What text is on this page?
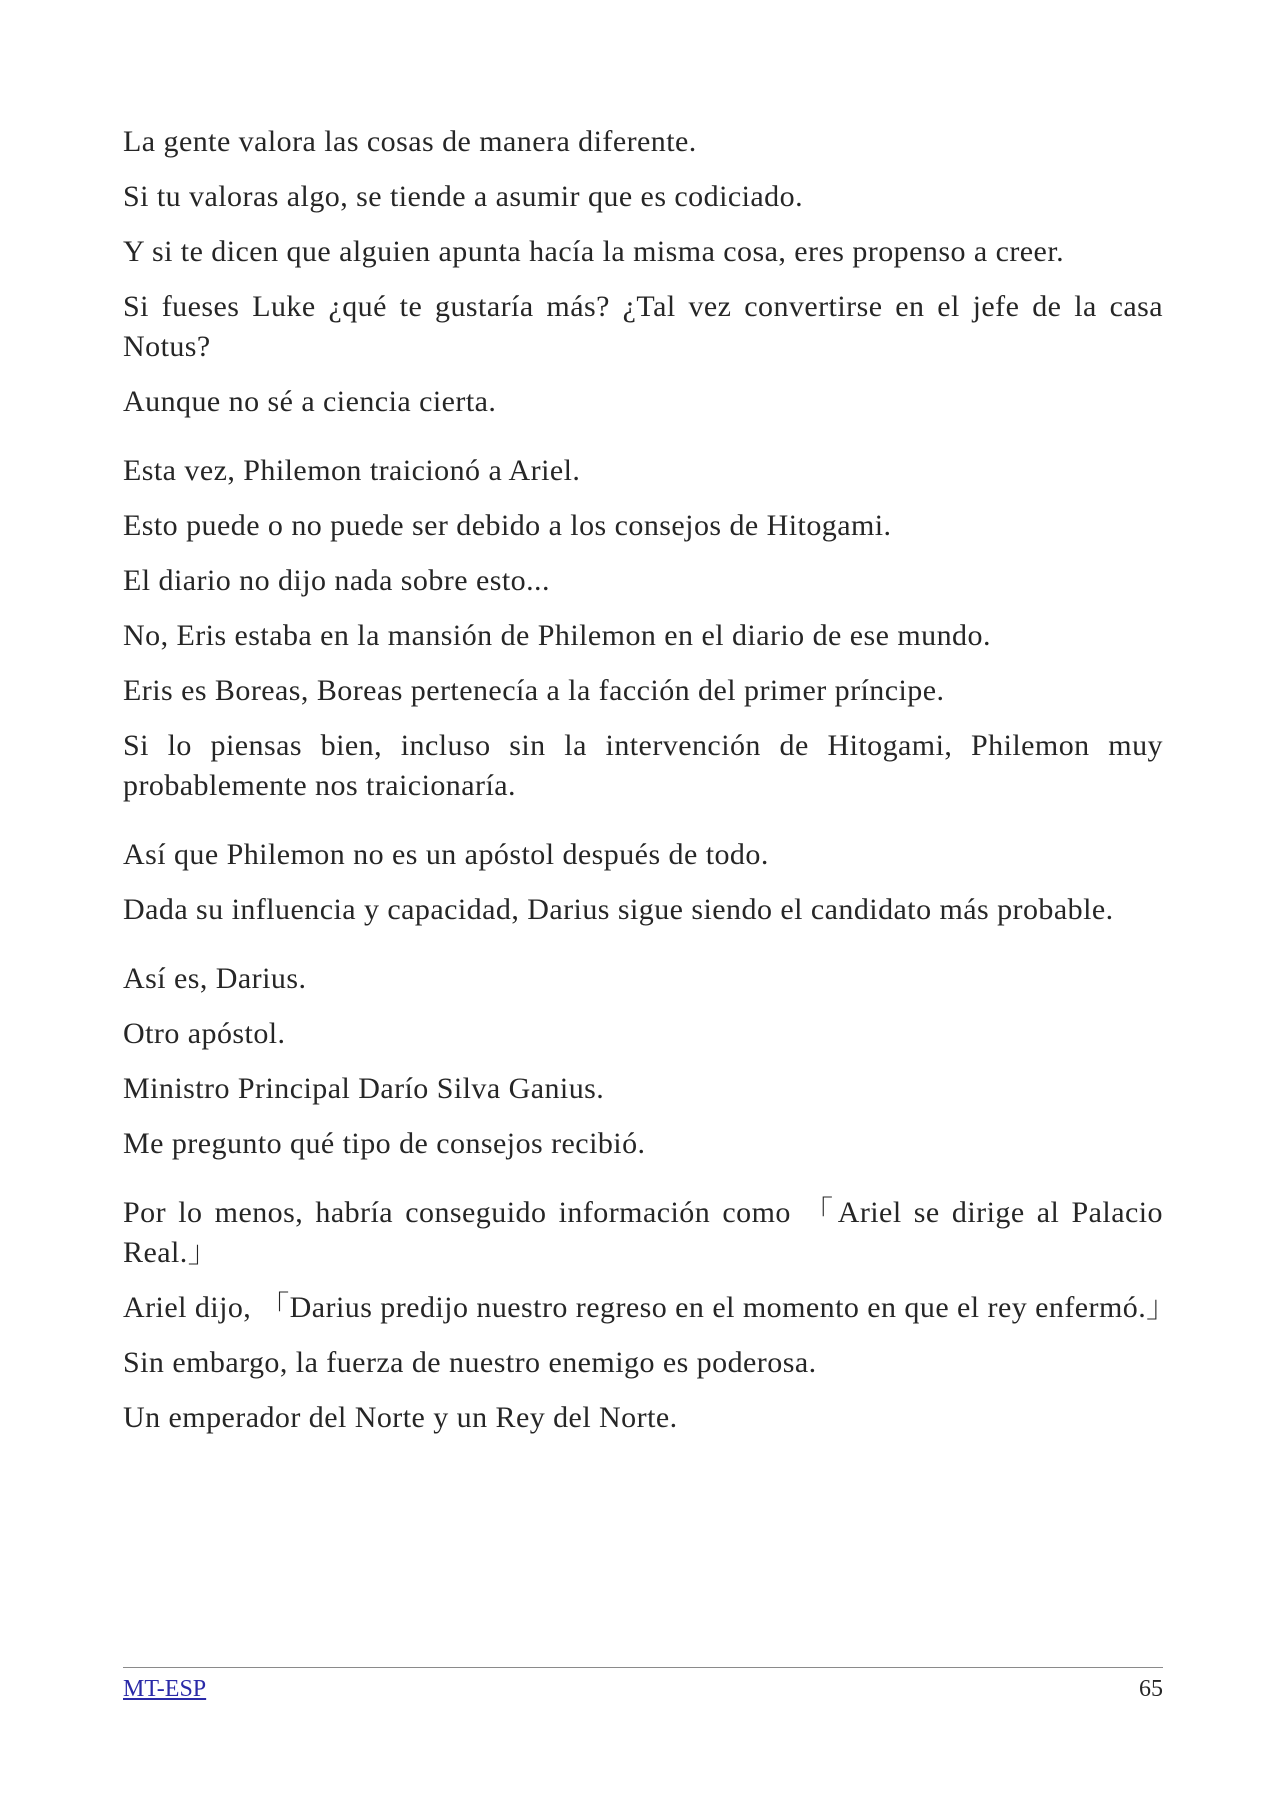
La gente valora las cosas de manera diferente.

Si tu valoras algo, se tiende a asumir que es codiciado.

Y si te dicen que alguien apunta hacía la misma cosa, eres propenso a creer.

Si fueses Luke ¿qué te gustaría más? ¿Tal vez convertirse en el jefe de la casa Notus?

Aunque no sé a ciencia cierta.

Esta vez, Philemon traicionó a Ariel.

Esto puede o no puede ser debido a los consejos de Hitogami.

El diario no dijo nada sobre esto...

No, Eris estaba en la mansión de Philemon en el diario de ese mundo.

Eris es Boreas, Boreas pertenecía a la facción del primer príncipe.

Si lo piensas bien, incluso sin la intervención de Hitogami, Philemon muy probablemente nos traicionaría.

Así que Philemon no es un apóstol después de todo.

Dada su influencia y capacidad, Darius sigue siendo el candidato más probable.

Así es, Darius.

Otro apóstol.

Ministro Principal Darío Silva Ganius.

Me pregunto qué tipo de consejos recibió.

Por lo menos, habría conseguido información como 「Ariel se dirige al Palacio Real.」

Ariel dijo, 「Darius predijo nuestro regreso en el momento en que el rey enfermó.」

Sin embargo, la fuerza de nuestro enemigo es poderosa.

Un emperador del Norte y un Rey del Norte.

MT-ESP	65
